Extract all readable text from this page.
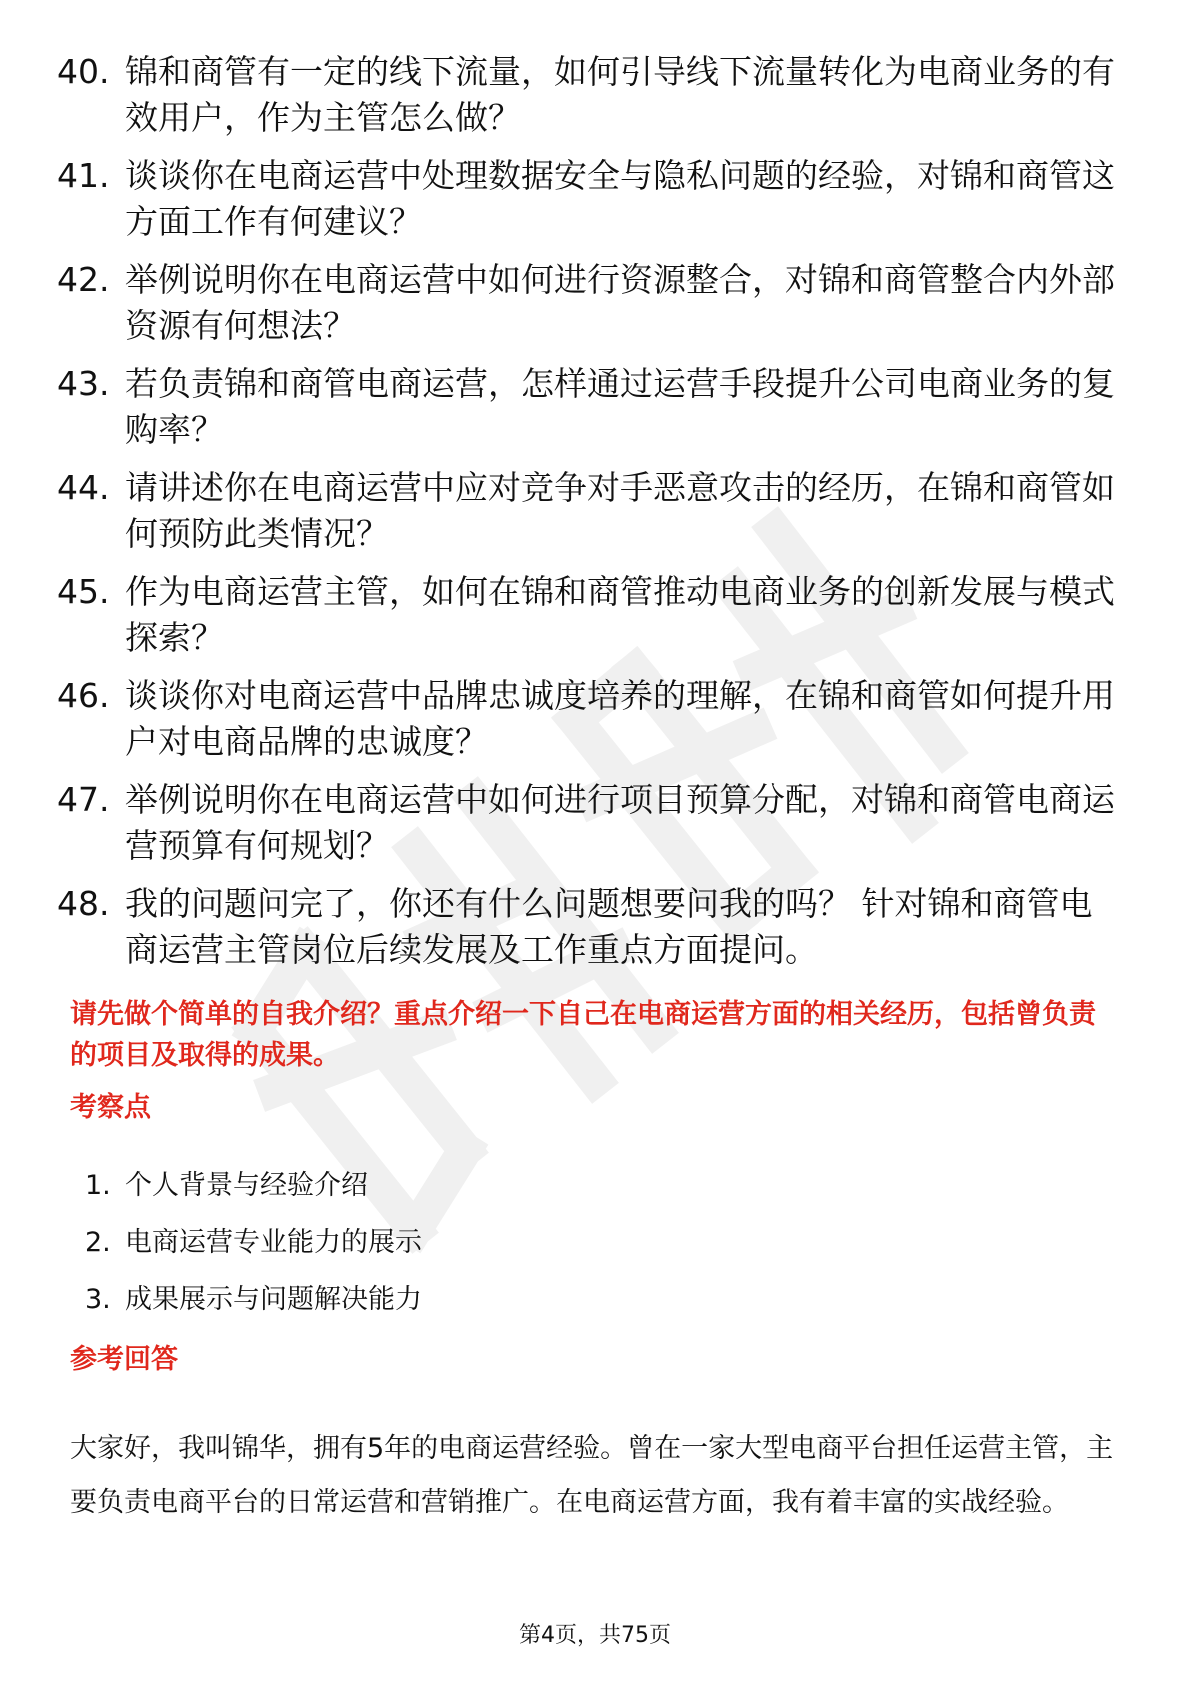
40. 锦和商管有一定的线下流量，如何引导线下流量转化为电商业务的有效用户，作为主管怎么做？
41. 谈谈你在电商运营中处理数据安全与隐私问题的经验，对锦和商管这方面工作有何建议？
42. 举例说明你在电商运营中如何进行资源整合，对锦和商管整合内外部资源有何想法？
43. 若负责锦和商管电商运营，怎样通过运营手段提升公司电商业务的复购率？
44. 请讲述你在电商运营中应对竞争对手恶意攻击的经历，在锦和商管如何预防此类情况？
45. 作为电商运营主管，如何在锦和商管推动电商业务的创新发展与模式探索？
46. 谈谈你对电商运营中品牌忠诚度培养的理解，在锦和商管如何提升用户对电商品牌的忠诚度？
47. 举例说明你在电商运营中如何进行项目预算分配，对锦和商管电商运营预算有何规划？
48. 我的问题问完了，你还有什么问题想要问我的吗？ 针对锦和商管电商运营主管岗位后续发展及工作重点方面提问。

请先做个简单的自我介绍？重点介绍一下自己在电商运营方面的相关经历，包括曾负责的项目及取得的成果。

考察点
1. 个人背景与经验介绍
2. 电商运营专业能力的展示
3. 成果展示与问题解决能力
参考回答

大家好，我叫锦华，拥有5年的电商运营经验。曾在一家大型电商平台担任运营主管，主要负责电商平台的日常运营和营销推广。在电商运营方面，我有着丰富的实战经验。

第4页，共75页
